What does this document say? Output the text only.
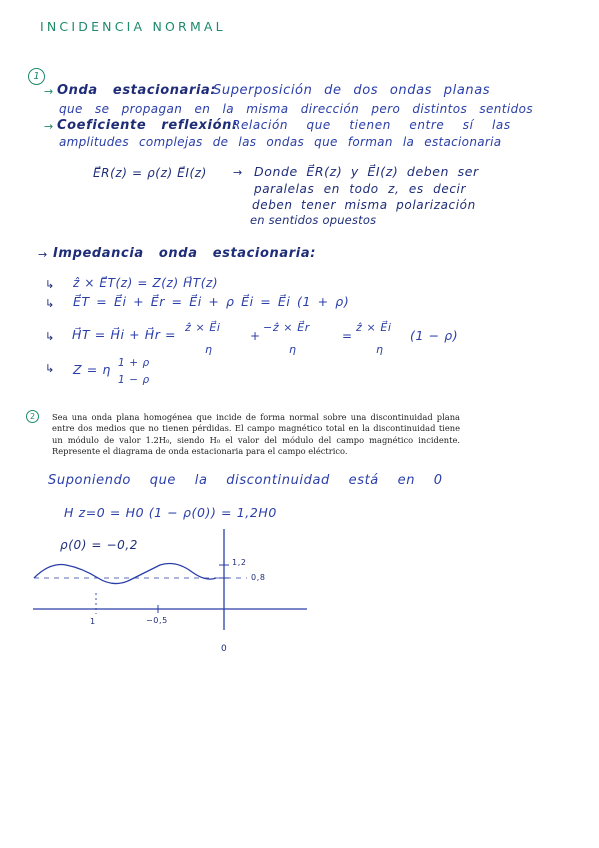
INCIDENCIA NORMAL
1
→ Onda estacionaria:
Superposición de dos ondas planas
que se propagan en la misma dirección pero distintos sentidos
→ Coeficiente reflexión:
Relación que tienen entre sí las
amplitudes complejas de las ondas que forman la estacionaria
E⃗R(z) = ρ(z) E⃗I(z) → Donde E⃗R(z) y E⃗I(z) deben ser
paralelas en todo z, es decir
deben tener misma polarización
en sentidos opuestos
→ Impedancia onda estacionaria:
↳ ẑ × E⃗T(z) = Z(z) H⃗T(z)
↳ E⃗T = E⃗i + E⃗r = E⃗i + ρ E⃗i = E⃗i (1 + ρ)
↳ H⃗T = H⃗i + H⃗r = ẑ × E⃗i
η
+
−ẑ × E⃗r
η
=
ẑ × E⃗i
η
(1 − ρ)
↳ Z = η 1 + ρ
1 − ρ
2	Sea una onda plana homogénea que incide de forma normal sobre una discontinuidad plana entre dos medios que no tienen pérdidas. El campo magnético total en la discontinuidad tiene un módulo de valor 1.2H₀, siendo H₀ el valor del módulo del campo magnético incidente. Represente el diagrama de onda estacionaria para el campo eléctrico.
Suponiendo que la discontinuidad está en 0
H z=0 = H0 (1 − ρ(0)) = 1,2H0
ρ(0) = −0,2
1,2
0,8
1	−0,5
0
